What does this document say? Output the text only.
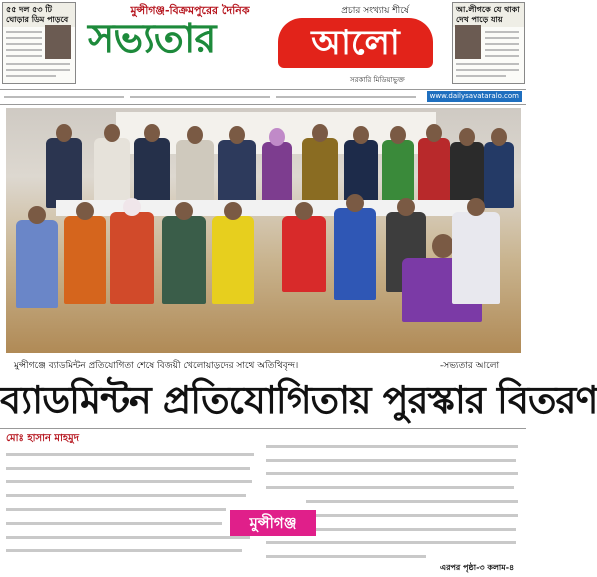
৫৫ দল ৫৩ টি ঘোড়ার ডিম পাড়বে
মুন্সীগঞ্জ-বিক্রমপুরের দৈনিক	প্রচার সংখ্যায় শীর্ষে
সভ্যতার	আলো
সরকারি মিডিয়াভুক্ত
আ.লীগকে যে থাকা দেখ পাড়ে যায়
www.dailysavataralo.com
মুন্সীগঞ্জে ব্যাডমিন্টন প্রতিযোগিতা শেষে বিজয়ী খেলোয়াড়দের সাথে অতিথিবৃন্দ।	-সভ্যতার আলো
ব্যাডমিন্টন প্রতিযোগিতায় পুরস্কার বিতরণ
মোঃ হাসান মাহমুদ
মুন্সীগঞ্জ
এরপর পৃষ্ঠা-৩ কলাম-৪
